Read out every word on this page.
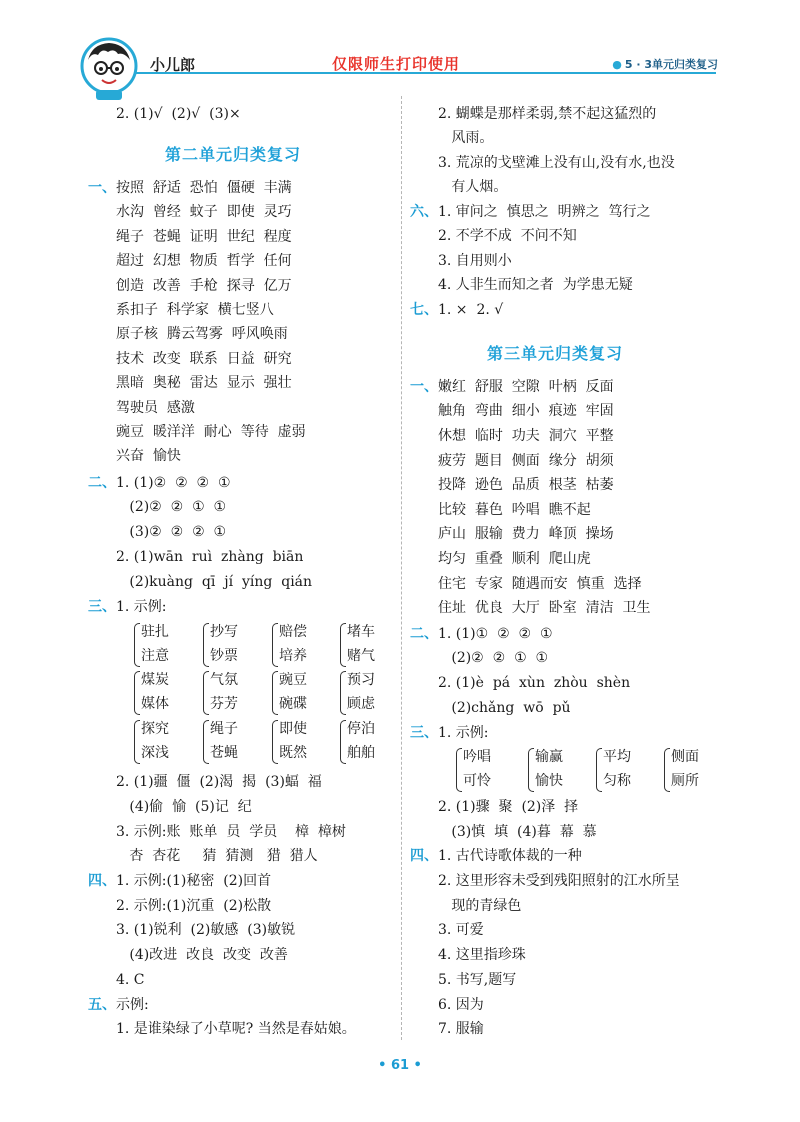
小儿郎	仅限师生打印使用	● 5 · 3单元归类复习
2. (1)√  (2)√  (3)×
第二单元归类复习
一、 按照  舒适  恐怕  僵硬  丰满
水沟  曾经  蚊子  即使  灵巧
绳子  苍蝇  证明  世纪  程度
超过  幻想  物质  哲学  任何
创造  改善  手枪  探寻  亿万
系扣子  科学家  横七竖八
原子核  腾云驾雾  呼风唤雨
技术  改变  联系  日益  研究
黑暗  奥秘  雷达  显示  强壮
驾驶员  感激
豌豆  暖洋洋  耐心  等待  虚弱
兴奋  愉快
二、 1. (1)②  ②  ②  ①
(2)②  ②  ①  ①
(3)②  ②  ②  ①
2. (1)wān  ruì  zhàng  biān
(2)kuàng  qī  jí  yíng  qián
三、 1. 示例:
驻扎
注意
抄写
钞票
赔偿
培养
堵车
赌气
煤炭
媒体
气氛
芬芳
豌豆
碗碟
预习
顾虑
探究
深浅
绳子
苍蝇
即使
既然
停泊
舶舶
2. (1)疆  僵  (2)渴  揭  (3)蝠  福
(4)偷  愉  (5)记  纪
3. 示例:账  账单  员  学员    樟  樟树
杏  杏花     猜  猜测   猎  猎人
四、 1. 示例:(1)秘密  (2)回首
2. 示例:(1)沉重  (2)松散
3. (1)锐利  (2)敏感  (3)敏锐
(4)改进  改良  改变  改善
4. C
五、 示例:
1. 是谁染绿了小草呢? 当然是春姑娘。
2. 蝴蝶是那样柔弱,禁不起这猛烈的
风雨。
3. 荒凉的戈壁滩上没有山,没有水,也没
有人烟。
六、 1. 审问之  慎思之  明辨之  笃行之
2. 不学不成  不问不知
3. 自用则小
4. 人非生而知之者  为学患无疑
七、 1. ×  2. √
第三单元归类复习
一、 嫩红  舒服  空隙  叶柄  反面
触角  弯曲  细小  痕迹  牢固
休想  临时  功夫  洞穴  平整
疲劳  题目  侧面  缘分  胡须
投降  逊色  品质  根茎  枯萎
比较  暮色  吟唱  瞧不起
庐山  服输  费力  峰顶  操场
均匀  重叠  顺利  爬山虎
住宅  专家  随遇而安  慎重  选择
住址  优良  大厅  卧室  清洁  卫生
二、 1. (1)①  ②  ②  ①
(2)②  ②  ①  ①
2. (1)è  pá  xùn  zhòu  shèn
(2)chǎng  wō  pǔ
三、 1. 示例:
吟唱
可怜
输赢
愉快
平均
匀称
侧面
厕所
2. (1)骤  聚  (2)泽  择
(3)慎  填  (4)暮  幕  慕
四、 1. 古代诗歌体裁的一种
2. 这里形容未受到残阳照射的江水所呈
现的青绿色
3. 可爱
4. 这里指珍珠
5. 书写,题写
6. 因为
7. 服输
• 61 •
